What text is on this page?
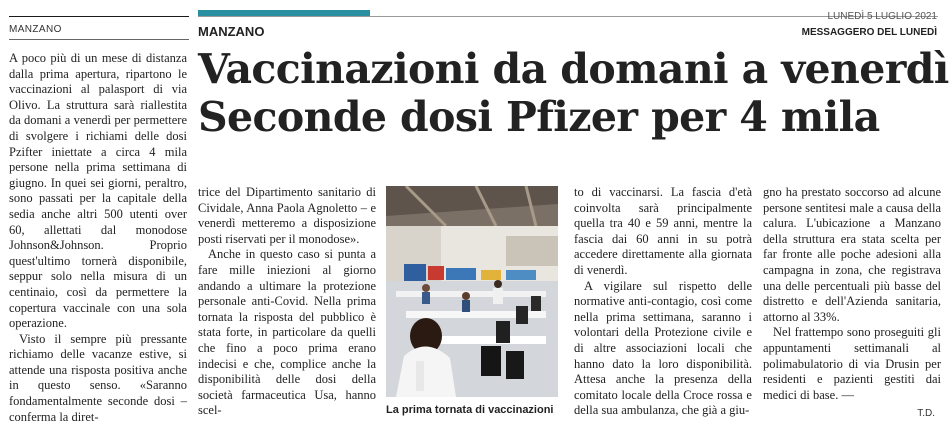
MANZANO	MANZANO
LUNEDÌ 5 LUGLIO 2021
MESSAGGERO DEL LUNEDÌ
Vaccinazioni da domani a venerdì
Seconde dosi Pfizer per 4 mila

A poco più di un mese di distanza dalla prima apertura, ripartono le vaccinazioni al palasport di via Olivo. La struttura sarà riallestita da domani a venerdì per permettere di svolgere i richiami delle dosi Pzifter iniettate a circa 4 mila persone nella prima settimana di giugno. In quei sei giorni, peraltro, sono passati per la capitale della sedia anche altri 500 utenti over 60, allettati dal monodose Johnson&Johnson. Proprio quest'ultimo tornerà disponibile, seppur solo nella misura di un centinaio, così da permettere la copertura vaccinale con una sola operazione.

Visto il sempre più pressante richiamo delle vacanze estive, si attende una risposta positiva anche in questo senso. «Saranno fondamentalmente seconde dosi – conferma la diret-

trice del Dipartimento sanitario di Cividale, Anna Paola Agnoletto – e venerdì metteremo a disposizione posti riservati per il monodose».

Anche in questo caso si punta a fare mille iniezioni al giorno andando a ultimare la protezione personale anti-Covid. Nella prima tornata la risposta del pubblico è stata forte, in particolare da quelli che fino a poco prima erano indecisi e che, complice anche la disponibilità delle dosi della società farmaceutica Usa, hanno scel-	La prima tornata di vaccinazioni

to di vaccinarsi. La fascia d'età coinvolta sarà principalmente quella tra 40 e 59 anni, mentre la fascia dai 60 anni in su potrà accedere direttamente alla giornata di venerdì.

A vigilare sul rispetto delle normative anti-contagio, così come nella prima settimana, saranno i volontari della Protezione civile e di altre associazioni locali che hanno dato la loro disponibilità. Attesa anche la presenza della comitato locale della Croce rossa e della sua ambulanza, che già a giu-

gno ha prestato soccorso ad alcune persone sentitesi male a causa della calura. L'ubicazione a Manzano della struttura era stata scelta per far fronte alle poche adesioni alla campagna in zona, che registrava una delle percentuali più basse del distretto e dell'Azienda sanitaria, attorno al 33%.

Nel frattempo sono proseguiti gli appuntamenti settimanali al polimabulatorio di via Drusin per residenti e pazienti gestiti dai medici di base. —

T.D.
